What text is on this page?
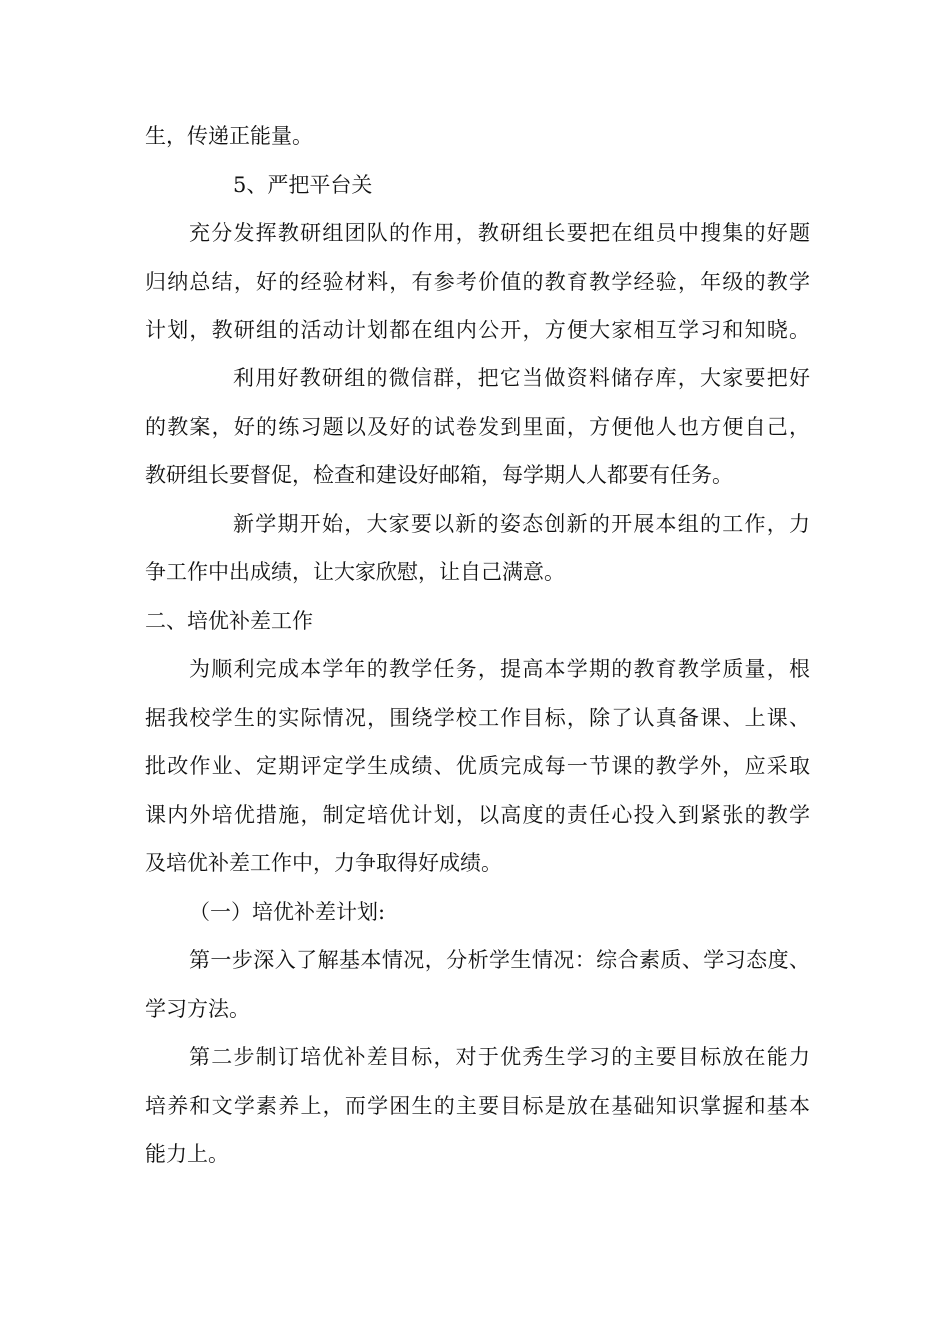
生，传递正能量。
5、严把平台关
充分发挥教研组团队的作用，教研组长要把在组员中搜集的好题
归纳总结，好的经验材料，有参考价值的教育教学经验，年级的教学
计划，教研组的活动计划都在组内公开，方便大家相互学习和知晓。
利用好教研组的微信群，把它当做资料储存库，大家要把好
的教案，好的练习题以及好的试卷发到里面，方便他人也方便自己，
教研组长要督促，检查和建设好邮箱，每学期人人都要有任务。
新学期开始，大家要以新的姿态创新的开展本组的工作，力
争工作中出成绩，让大家欣慰，让自己满意。
二、培优补差工作
为顺利完成本学年的教学任务，提高本学期的教育教学质量，根
据我校学生的实际情况，围绕学校工作目标，除了认真备课、上课、
批改作业、定期评定学生成绩、优质完成每一节课的教学外，应采取
课内外培优措施，制定培优计划，以高度的责任心投入到紧张的教学
及培优补差工作中，力争取得好成绩。
（一）培优补差计划:
第一步深入了解基本情况，分析学生情况：综合素质、学习态度、
学习方法。
第二步制订培优补差目标，对于优秀生学习的主要目标放在能力
培养和文学素养上，而学困生的主要目标是放在基础知识掌握和基本
能力上。
